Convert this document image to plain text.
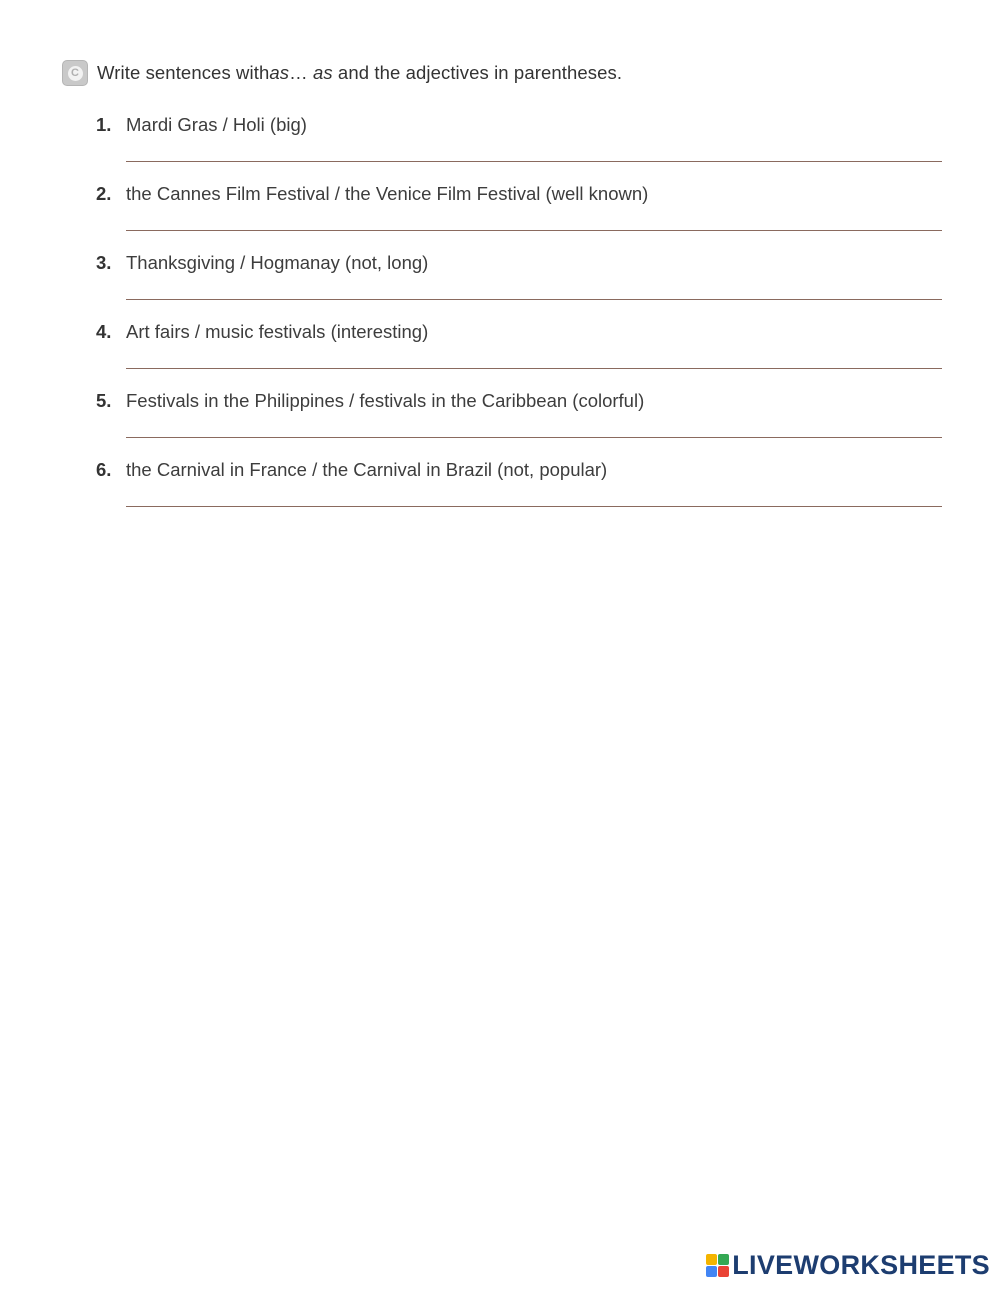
C Write sentences with as … as and the adjectives in parentheses.
1. Mardi Gras / Holi (big)
2. the Cannes Film Festival / the Venice Film Festival (well known)
3. Thanksgiving / Hogmanay (not, long)
4. Art fairs / music festivals (interesting)
5. Festivals in the Philippines / festivals in the Caribbean (colorful)
6. the Carnival in France / the Carnival in Brazil (not, popular)
LIVEWORKSHEETS
